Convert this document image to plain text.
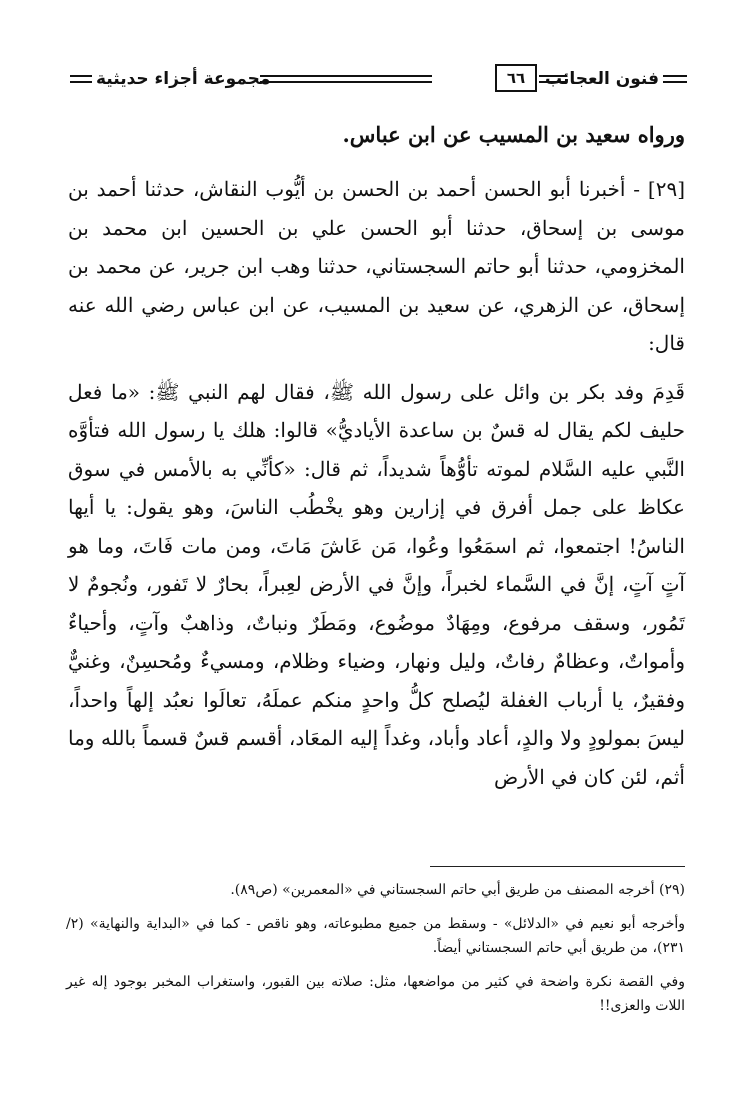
فنون العجائب
٦٦
مجموعة أجزاء حديثية
ورواه سعيد بن المسيب عن ابن عباس.

[٢٩] - أخبرنا أبو الحسن أحمد بن الحسن بن أيُّوب النقاش، حدثنا أحمد بن موسى بن إسحاق، حدثنا أبو الحسن علي بن الحسين ابن محمد بن المخزومي، حدثنا أبو حاتم السجستاني، حدثنا وهب ابن جرير، عن محمد بن إسحاق، عن الزهري، عن سعيد بن المسيب، عن ابن عباس رضي الله عنه قال:

قَدِمَ وفد بكر بن وائل على رسول الله ﷺ، فقال لهم النبي ﷺ: «ما فعل حليف لكم يقال له قسٌ بن ساعدة الأياديُّ» قالوا: هلك يا رسول الله فتأوَّه النَّبي عليه السَّلام لموته تأوُّهاً شديداً، ثم قال: «كأنِّي به بالأمس في سوق عكاظ على جمل أفرق في إزارين وهو يخْطُب الناسَ، وهو يقول: يا أيها الناسُ! اجتمعوا، ثم اسمَعُوا وعُوا، مَن عَاشَ مَاتَ، ومن مات فَاتَ، وما هو آتٍ آتٍ، إنَّ في السَّماء لخبراً، وإنَّ في الأرض لعِبراً، بحارٌ لا تَفور، ونُجومٌ لا تَمُور، وسقف مرفوع، ومِهَادٌ موضُوع، ومَطَرٌ ونباتٌ، وذاهبٌ وآتٍ، وأحياءٌ وأمواتٌ، وعظامٌ رفاتٌ، وليل ونهار، وضياء وظلام، ومسيءٌ ومُحسِنٌ، وغنيٌّ وفقيرٌ، يا أرباب الغفلة ليُصلح كلُّ واحدٍ منكم عملَهُ، تعالَوا نعبُد إلهاً واحداً، ليسَ بمولودٍ ولا والدٍ، أعاد وأباد، وغداً إليه المعَاد، أقسم قسٌ قسماً بالله وما أثم، لئن كان في الأرض

(٢٩) أخرجه المصنف من طريق أبي حاتم السجستاني في «المعمرين» (ص٨٩).

وأخرجه أبو نعيم في «الدلائل» - وسقط من جميع مطبوعاته، وهو ناقص - كما في «البداية والنهاية» (٢/ ٢٣١)، من طريق أبي حاتم السجستاني أيضاً.

وفي القصة نكرة واضحة في كثير من مواضعها، مثل: صلاته بين القبور، واستغراب المخبر بوجود إله غير اللات والعزى!!
